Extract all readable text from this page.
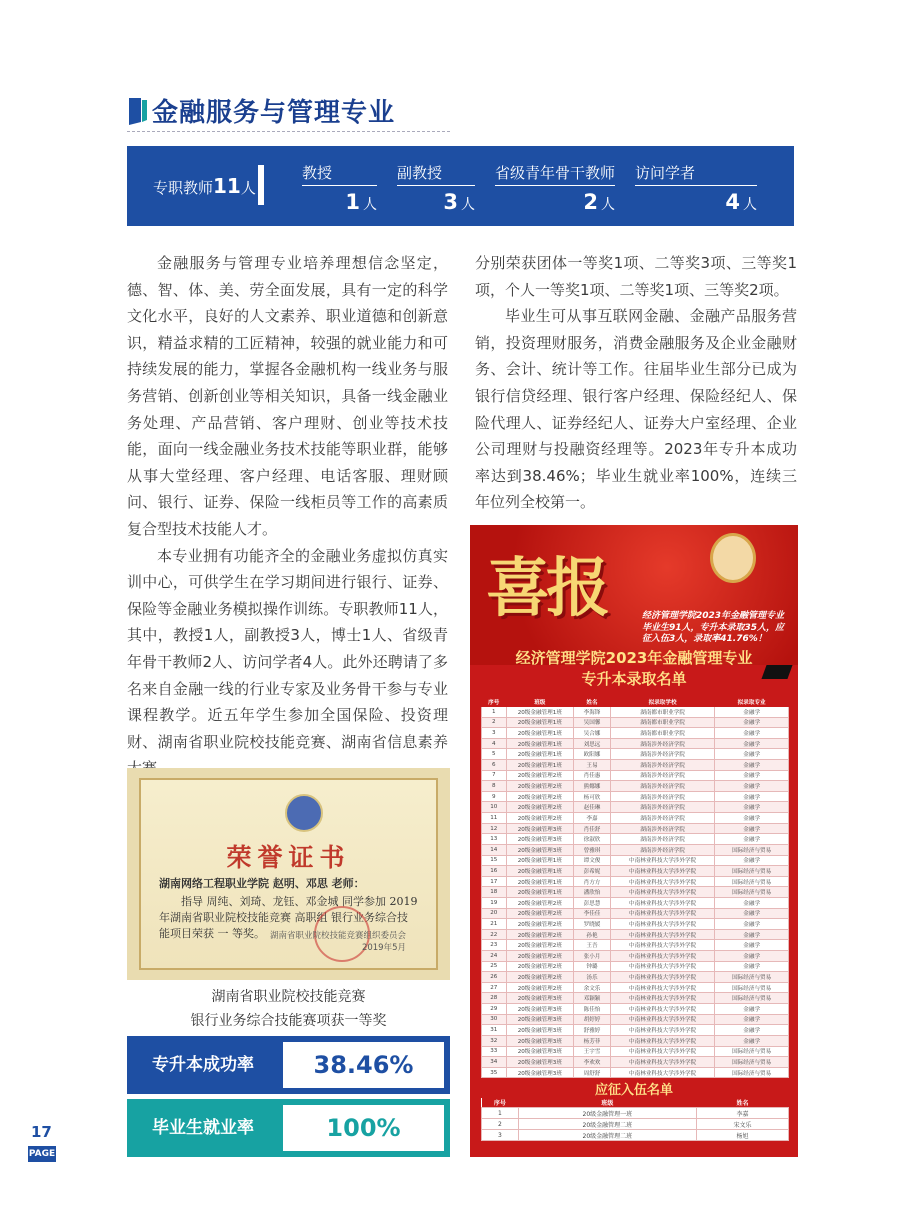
金融服务与管理专业
专职教师11人
教授
1 人
副教授
3 人
省级青年骨干教师
2 人
访问学者
4 人

金融服务与管理专业培养理想信念坚定，德、智、体、美、劳全面发展，具有一定的科学文化水平，良好的人文素养、职业道德和创新意识，精益求精的工匠精神，较强的就业能力和可持续发展的能力，掌握各金融机构一线业务与服务营销、创新创业等相关知识，具备一线金融业务处理、产品营销、客户理财、创业等技术技能，面向一线金融业务技术技能等职业群，能够从事大堂经理、客户经理、电话客服、理财顾问、银行、证券、保险一线柜员等工作的高素质复合型技术技能人才。

本专业拥有功能齐全的金融业务虚拟仿真实训中心，可供学生在学习期间进行银行、证券、保险等金融业务模拟操作训练。专职教师11人，其中，教授1人，副教授3人，博士1人、省级青年骨干教师2人、访问学者4人。此外还聘请了多名来自金融一线的行业专家及业务骨干参与专业课程教学。近五年学生参加全国保险、投资理财、湖南省职业院校技能竞赛、湖南省信息素养

分别荣获团体一等奖1项、二等奖3项、三等奖1项，个人一等奖1项、二等奖1项、三等奖2项。

毕业生可从事互联网金融、金融产品服务营销，投资理财服务，消费金融服务及企业金融财务、会计、统计等工作。往届毕业生部分已成为银行信贷经理、银行客户经理、保险经纪人、保险代理人、证券经纪人、证券大户室经理、企业公司理财与投融资经理等。2023年专升本成功率达到38.46%；毕业生就业率100%，连续三年位列全校第一。

荣誉证书
湖南网络工程职业学院 赵明、邓思 老师：
指导 周纯、刘琦、龙钰、邓金城 同学参加 2019 年湖南省职业院校技能竞赛 高职组 银行业务综合技能项目荣获 一 等奖。 湖南省职业院校技能竞赛组织委员会
2019年5月
湖南省职业院校技能竞赛
银行业务综合技能赛项获一等奖
专升本成功率	38.46%
毕业生就业率	100%
喜报	经济管理学院2023年金融管理专业毕业生91人，专升本录取35人，应征入伍3人，录取率41.76%！
经济管理学院2023年金融管理专业
专升本录取名单
序号	班级	姓名	拟录取学校	拟录取专业
1	20级金融管理1班	李海锋	湖南都市职业学院	金融学
2	20级金融管理1班	吴国馨	湖南都市职业学院	金融学
3	20级金融管理1班	吴合娜	湖南都市职业学院	金融学
4	20级金融管理1班	刘思远	湖南涉外经济学院	金融学
5	20级金融管理1班	欧阳娜	湖南涉外经济学院	金融学
6	20级金融管理1班	王易	湖南涉外经济学院	金融学
7	20级金融管理2班	肖佳惠	湖南涉外经济学院	金融学
8	20级金融管理2班	熊娜娜	湖南涉外经济学院	金融学
9	20级金融管理2班	杨可欣	湖南涉外经济学院	金融学
10	20级金融管理2班	赵佳琳	湖南涉外经济学院	金融学
11	20级金融管理2班	李嘉	湖南涉外经济学院	金融学
12	20级金融管理3班	肖佳舒	湖南涉外经济学院	金融学
13	20级金融管理3班	徐淑欣	湖南涉外经济学院	金融学
14	20级金融管理3班	曾雅琪	湖南涉外经济学院	国际经济与贸易
15	20级金融管理1班	谭文俊	中南林业科技大学涉外学院	金融学
16	20级金融管理1班	彭希妮	中南林业科技大学涉外学院	国际经济与贸易
17	20级金融管理1班	肖方方	中南林业科技大学涉外学院	国际经济与贸易
18	20级金融管理1班	潘欣怡	中南林业科技大学涉外学院	国际经济与贸易
19	20级金融管理2班	彭思慧	中南林业科技大学涉外学院	金融学
20	20级金融管理2班	李佳佳	中南林业科技大学涉外学院	金融学
21	20级金融管理2班	罗晓媛	中南林业科技大学涉外学院	金融学
22	20级金融管理2班	孙艳	中南林业科技大学涉外学院	金融学
23	20级金融管理2班	王吾	中南林业科技大学涉外学院	金融学
24	20级金融管理2班	张小月	中南林业科技大学涉外学院	金融学
25	20级金融管理2班	钟璐	中南林业科技大学涉外学院	金融学
26	20级金融管理2班	汤乐	中南林业科技大学涉外学院	国际经济与贸易
27	20级金融管理2班	余文乐	中南林业科技大学涉外学院	国际经济与贸易
28	20级金融管理3班	邓颖颖	中南林业科技大学涉外学院	国际经济与贸易
29	20级金融管理3班	陈佳怡	中南林业科技大学涉外学院	金融学
30	20级金融管理3班	胡婷婷	中南林业科技大学涉外学院	金融学
31	20级金融管理3班	舒雅婷	中南林业科技大学涉外学院	金融学
32	20级金融管理3班	杨芳菲	中南林业科技大学涉外学院	金融学
33	20级金融管理3班	王宇雪	中南林业科技大学涉外学院	国际经济与贸易
34	20级金融管理3班	李欢欢	中南林业科技大学涉外学院	国际经济与贸易
35	20级金融管理3班	周舒舒	中南林业科技大学涉外学院	国际经济与贸易
应征入伍名单
序号	班级	姓名
1	20级金融管理一班	李嘉
2	20级金融管理二班	宋文乐
3	20级金融管理二班	杨旭
17
PAGE
